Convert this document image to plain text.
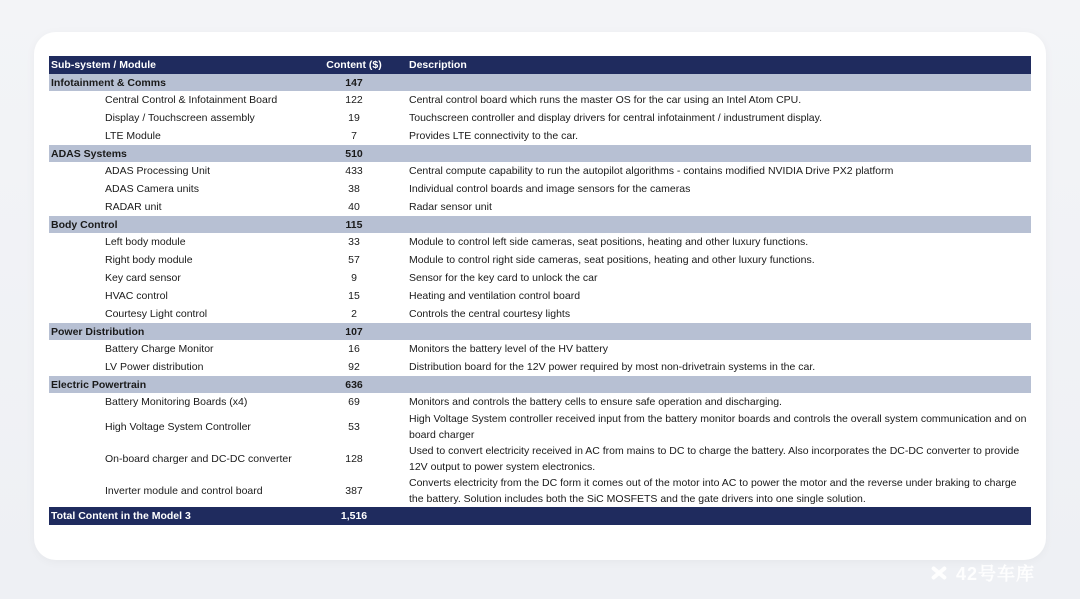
Sub-system / Module	Content ($)	Description
Infotainment & Comms	147	
Central Control & Infotainment Board	122	Central control board which runs the master OS for the car using an Intel Atom CPU.
Display / Touchscreen assembly	19	Touchscreen controller and display drivers for central infotainment / industrument display.
LTE Module	7	Provides LTE connectivity to the car.
ADAS Systems	510	
ADAS Processing Unit	433	Central compute capability to run the autopilot algorithms - contains modified NVIDIA Drive PX2 platform
ADAS Camera units	38	Individual control boards and image sensors for the cameras
RADAR unit	40	Radar sensor unit
Body Control	115	
Left body module	33	Module to control left side cameras, seat positions, heating and other luxury functions.
Right body module	57	Module to control right side cameras, seat positions, heating and other luxury functions.
Key card sensor	9	Sensor for the key card to unlock the car
HVAC control	15	Heating and ventilation control board
Courtesy Light control	2	Controls the central courtesy lights
Power Distribution	107	
Battery Charge Monitor	16	Monitors the battery level of the HV battery
LV Power distribution	92	Distribution board for the 12V power required by most non-drivetrain systems in the car.
Electric Powertrain	636	
Battery Monitoring Boards (x4)	69	Monitors and controls the battery cells to ensure safe operation and discharging.
High Voltage System Controller	53	High Voltage System controller received input from the battery monitor boards and controls the overall system communication and on board charger
On-board charger and DC-DC converter	128	Used to convert electricity received in AC from mains to DC to charge the battery. Also incorporates the DC-DC converter to provide 12V output to power system electronics.
Inverter module and control board	387	Converts electricity from the DC form it comes out of the motor into AC to power the motor and the reverse under braking to charge the battery. Solution includes both the SiC MOSFETS and the gate drivers into one single solution.
Total Content in the Model 3	1,516	
42号车库
